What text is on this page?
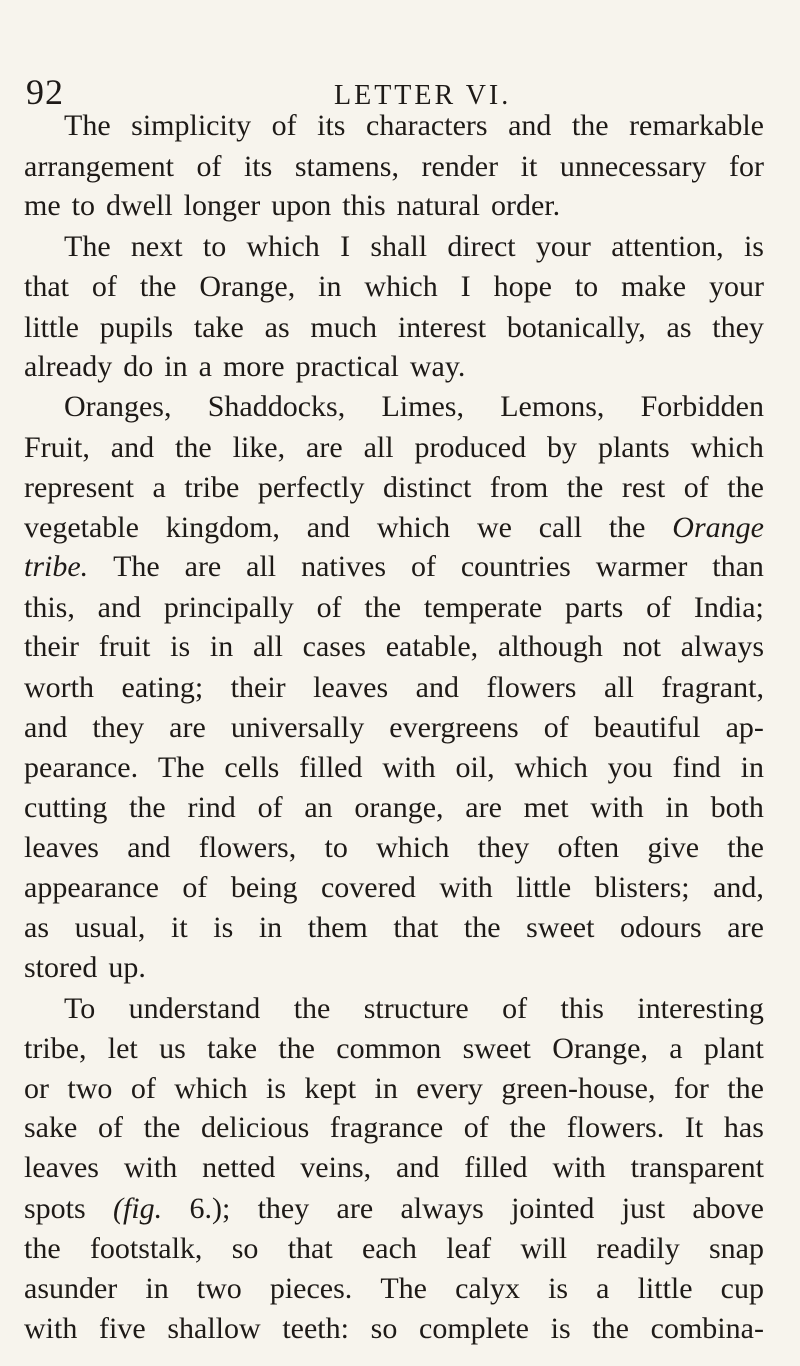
92	LETTER VI.
The simplicity of its characters and the remarkable
arrangement of its stamens, render it unnecessary for
me to dwell longer upon this natural order.
The next to which I shall direct your attention, is
that of the Orange, in which I hope to make your
little pupils take as much interest botanically, as they
already do in a more practical way.
Oranges, Shaddocks, Limes, Lemons, Forbidden
Fruit, and the like, are all produced by plants which
represent a tribe perfectly distinct from the rest of the
vegetable kingdom, and which we call the Orange
tribe. The are all natives of countries warmer than
this, and principally of the temperate parts of India;
their fruit is in all cases eatable, although not always
worth eating; their leaves and flowers all fragrant,
and they are universally evergreens of beautiful ap-
pearance. The cells filled with oil, which you find in
cutting the rind of an orange, are met with in both
leaves and flowers, to which they often give the
appearance of being covered with little blisters; and,
as usual, it is in them that the sweet odours are
stored up.
To understand the structure of this interesting
tribe, let us take the common sweet Orange, a plant
or two of which is kept in every green-house, for the
sake of the delicious fragrance of the flowers. It has
leaves with netted veins, and filled with transparent
spots (fig. 6.); they are always jointed just above
the footstalk, so that each leaf will readily snap
asunder in two pieces. The calyx is a little cup
with five shallow teeth: so complete is the combina-
